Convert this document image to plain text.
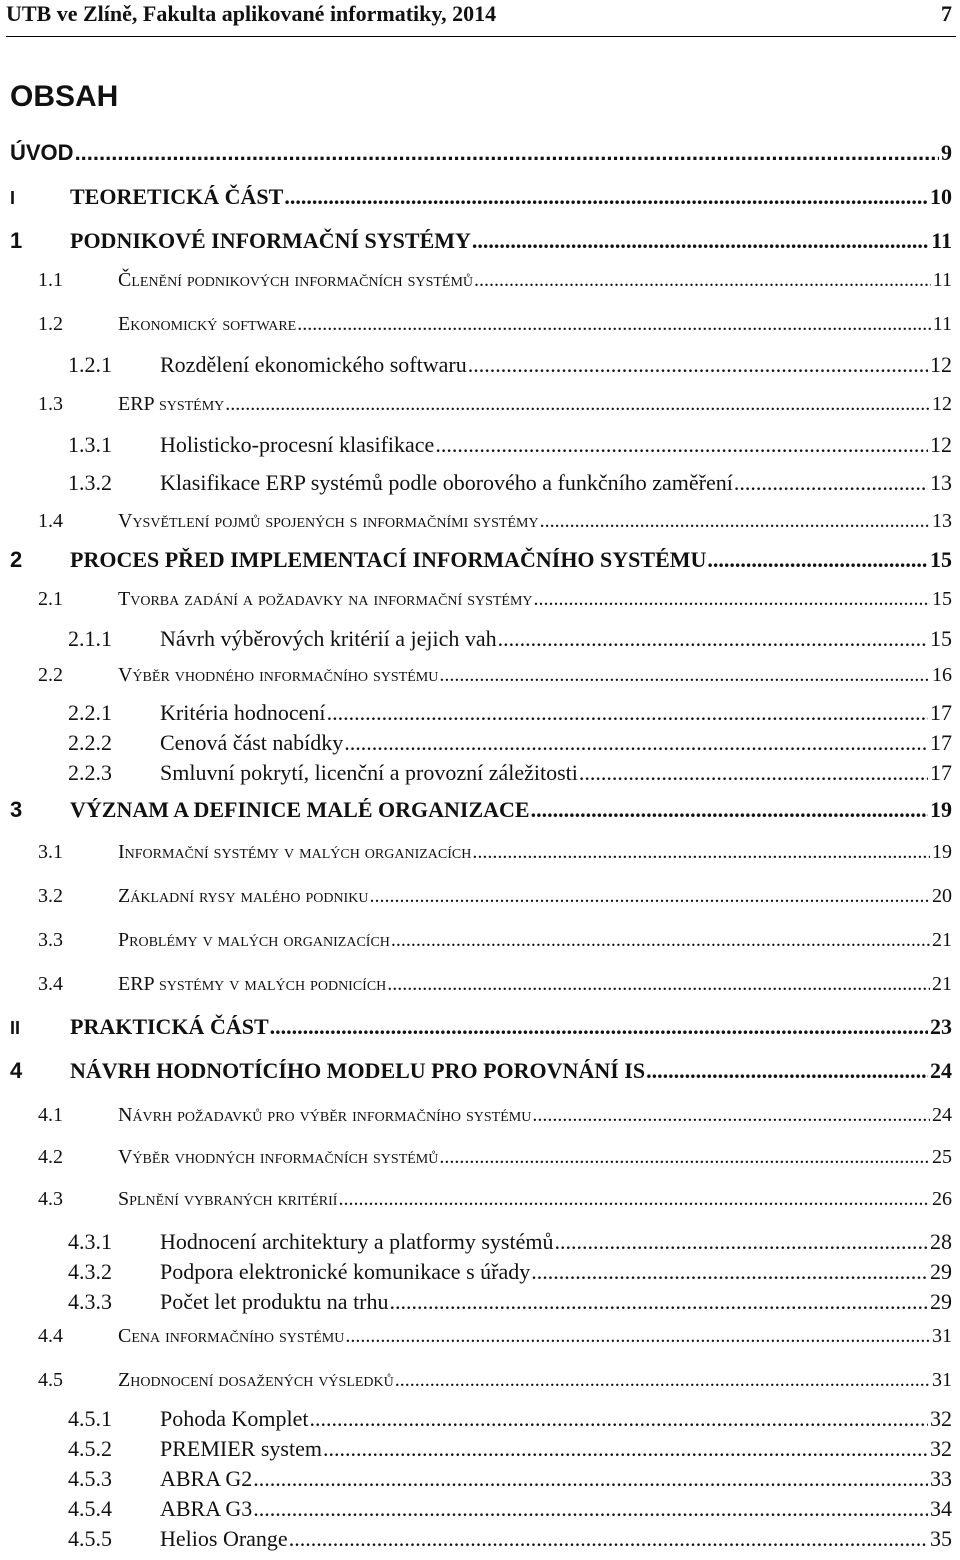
UTB ve Zlíně, Fakulta aplikované informatiky, 2014	7
OBSAH
ÚVOD .....	9
I	TEORETICKÁ ČÁST .....	10
1	PODNIKOVÉ INFORMAČNÍ SYSTÉMY .....	11
1.1	Členění podnikových informačních systémů .....	11
1.2	Ekonomický software .....	11
1.2.1	Rozdělení ekonomického softwaru .....	12
1.3	ERP systémy .....	12
1.3.1	Holisticko-procesní klasifikace .....	12
1.3.2	Klasifikace ERP systémů podle oborového a funkčního zaměření .....	13
1.4	Vysvětlení pojmů spojených s informačními systémy .....	13
2	PROCES PŘED IMPLEMENTACÍ INFORMAČNÍHO SYSTÉMU .....	15
2.1	Tvorba zadání a požadavky na informační systémy .....	15
2.1.1	Návrh výběrových kritérií a jejich vah .....	15
2.2	Výběr vhodného informačního systému .....	16
2.2.1	Kritéria hodnocení .....	17
2.2.2	Cenová část nabídky .....	17
2.2.3	Smluvní pokrytí, licenční a provozní záležitosti .....	17
3	VÝZNAM A DEFINICE MALÉ ORGANIZACE .....	19
3.1	Informační systémy v malých organizacích .....	19
3.2	Základní rysy malého podniku .....	20
3.3	Problémy v malých organizacích .....	21
3.4	ERP systémy v malých podnicích .....	21
II	PRAKTICKÁ ČÁST .....	23
4	NÁVRH HODNOTÍCÍHO MODELU PRO POROVNÁNÍ IS .....	24
4.1	Návrh požadavků pro výběr informačního systému .....	24
4.2	Výběr vhodných informačních systémů .....	25
4.3	Splnění vybraných kritérií .....	26
4.3.1	Hodnocení architektury a platformy systémů .....	28
4.3.2	Podpora elektronické komunikace s úřady .....	29
4.3.3	Počet let produktu na trhu .....	29
4.4	Cena informačního systému .....	31
4.5	Zhodnocení dosažených výsledků .....	31
4.5.1	Pohoda Komplet .....	32
4.5.2	PREMIER system .....	32
4.5.3	ABRA G2 .....	33
4.5.4	ABRA G3 .....	34
4.5.5	Helios Orange .....	35
